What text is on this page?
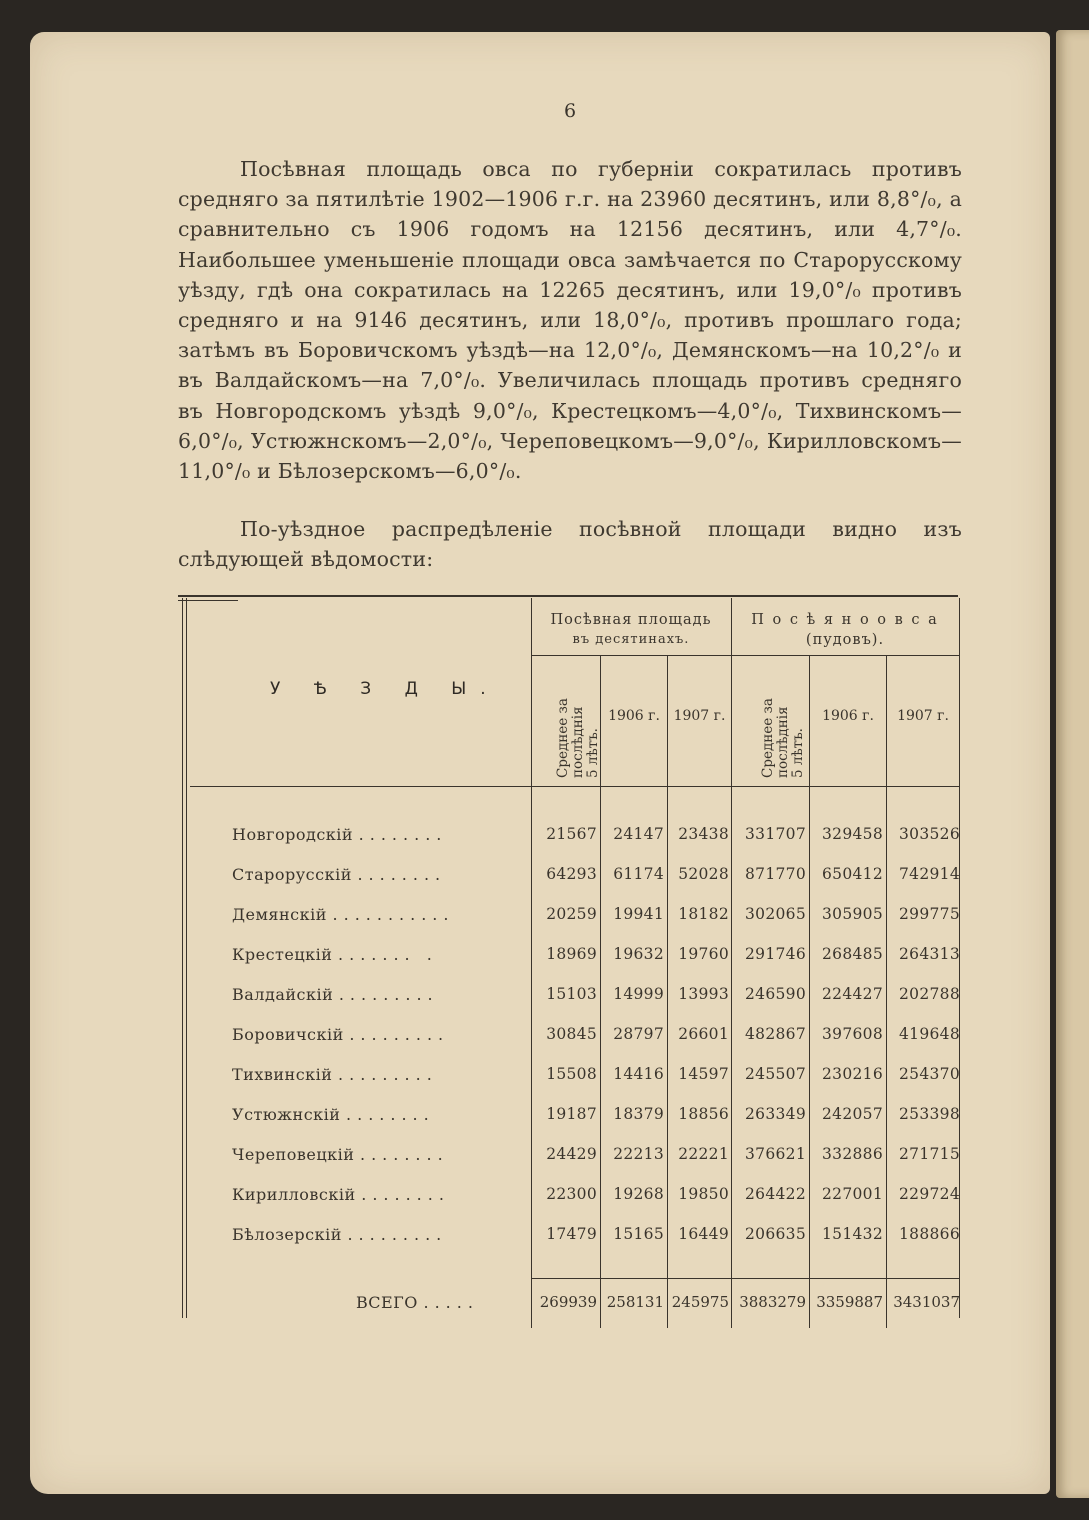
6
Посѣвная площадь овса по губерніи сократилась противъ средняго за пятилѣтіе 1902—1906 г.г. на 23960 десятинъ, или 8,8°/₀, а сравнительно съ 1906 годомъ на 12156 десятинъ, или 4,7°/₀. Наибольшее уменьшеніе площади овса замѣчается по Старорусскому уѣзду, гдѣ она сократилась на 12265 десятинъ, или 19,0°/₀ противъ средняго и на 9146 десятинъ, или 18,0°/₀, противъ прошлаго года; затѣмъ въ Боровичскомъ уѣздѣ—на 12,0°/₀, Демянскомъ—на 10,2°/₀ и въ Валдайскомъ—на 7,0°/₀. Увеличилась площадь противъ средняго въ Новгородскомъ уѣздѣ 9,0°/₀, Крестецкомъ—4,0°/₀, Тихвинскомъ—6,0°/₀, Устюжнскомъ—2,0°/₀, Череповецкомъ—9,0°/₀, Кирилловскомъ—11,0°/₀ и Бѣлозерскомъ—6,0°/₀.
По-уѣздное распредѣленіе посѣвной площади видно изъ слѣдующей вѣдомости:
У Ѣ З Д Ы.
Посѣвная площадь
въ десятинахъ.
П о с ѣ я н о о в с а
(пудовъ).
Среднее за послѣднія 5 лѣтъ.	Среднее за послѣднія 5 лѣтъ.
1906 г. 1907 г.	1906 г.	1907 г.
Новгородскій ........	21567	24147 23438	331707	329458	303526
Старорусскій ........	64293	61174 52028	871770	650412	742914
Демянскій ...........	20259	19941 18182	302065	305905	299775
Крестецкій ....... .	18969	19632 19760	291746	268485	264313
Валдайскій .........	15103	14999 13993	246590	224427	202788
Боровичскій .........	30845	28797 26601	482867	397608	419648
Тихвинскій .........	15508	14416 14597	245507	230216	254370
Устюжнскій ........	19187	18379 18856	263349	242057	253398
Череповецкій ........	24429	22213 22221	376621	332886	271715
Кирилловскій ........	22300	19268 19850	264422	227001	229724
Бѣлозерскій .........	17479	15165 16449	206635	151432	188866
ВСЕГО .....	269939 258131 245975 3883279 3359887 3431037
